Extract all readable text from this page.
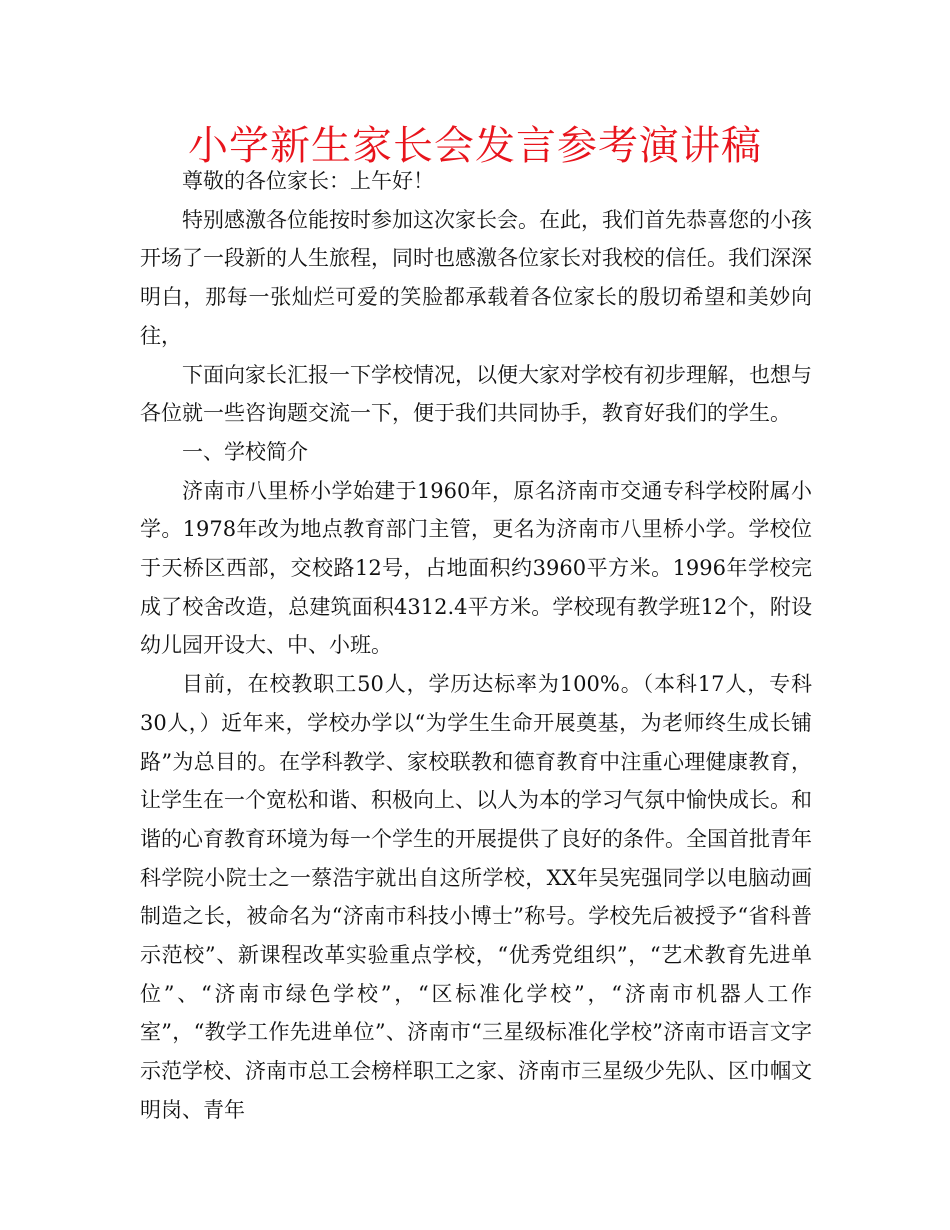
小学新生家长会发言参考演讲稿

尊敬的各位家长：上午好！

特别感激各位能按时参加这次家长会。在此，我们首先恭喜您的小孩开场了一段新的人生旅程，同时也感激各位家长对我校的信任。我们深深明白，那每一张灿烂可爱的笑脸都承载着各位家长的殷切希望和美妙向往，

下面向家长汇报一下学校情况，以便大家对学校有初步理解，也想与各位就一些咨询题交流一下，便于我们共同协手，教育好我们的学生。

一、学校简介

济南市八里桥小学始建于1960年，原名济南市交通专科学校附属小学。1978年改为地点教育部门主管，更名为济南市八里桥小学。学校位于天桥区西部，交校路12号，占地面积约3960平方米。1996年学校完成了校舍改造，总建筑面积4312.4平方米。学校现有教学班12个，附设幼儿园开设大、中、小班。

目前，在校教职工50人，学历达标率为100%。（本科17人，专科30人，）近年来，学校办学以“为学生生命开展奠基，为老师终生成长铺路”为总目的。在学科教学、家校联教和德育教育中注重心理健康教育，让学生在一个宽松和谐、积极向上、以人为本的学习气氛中愉快成长。和谐的心育教育环境为每一个学生的开展提供了良好的条件。全国首批青年科学院小院士之一蔡浩宇就出自这所学校，XX年吴宪强同学以电脑动画制造之长，被命名为“济南市科技小博士”称号。学校先后被授予“省科普示范校”、新课程改革实验重点学校，“优秀党组织”，“艺术教育先进单位”、“济南市绿色学校”，“区标准化学校”，“济南市机器人工作室”，“教学工作先进单位”、济南市“三星级标准化学校”济南市语言文字示范学校、济南市总工会榜样职工之家、济南市三星级少先队、区巾帼文明岗、青年
